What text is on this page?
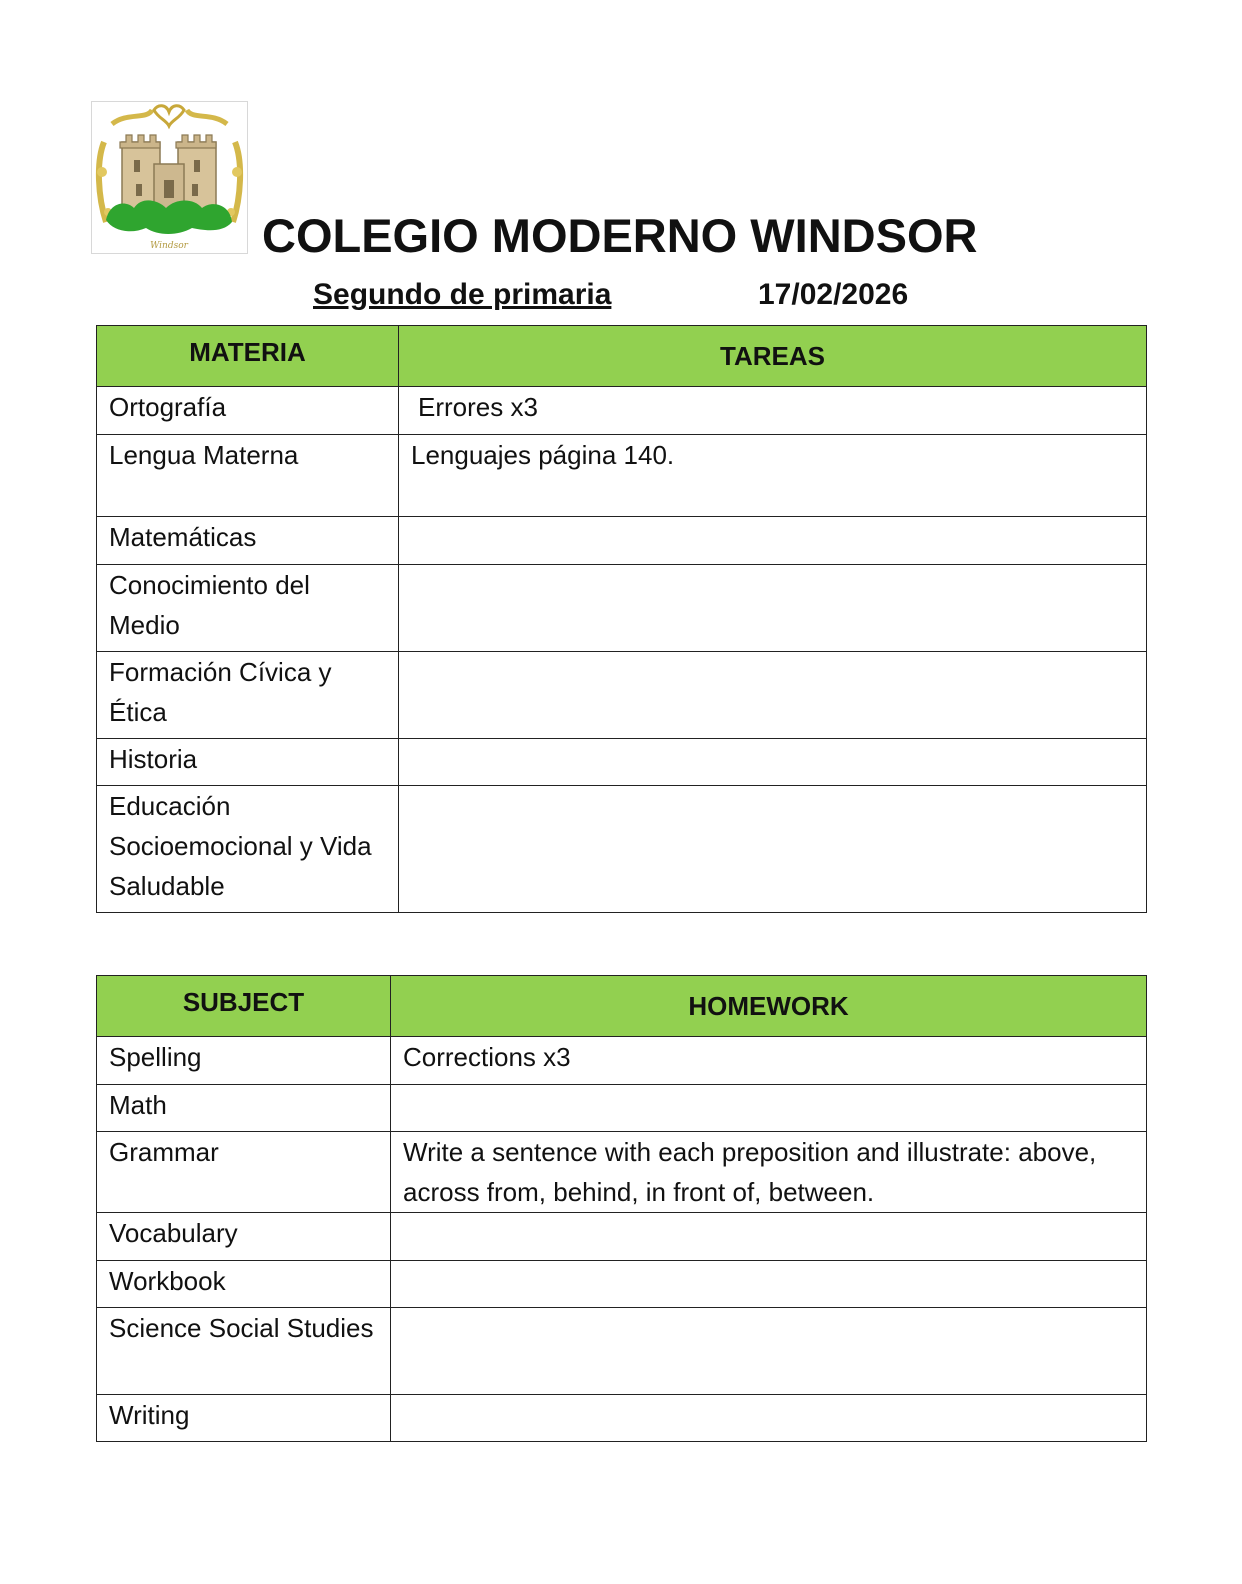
Windsor COLEGIO MODERNO WINDSOR
Segundo de primaria	17/02/2026
MATERIA	TAREAS
Ortografía	Errores x3
Lengua Materna	Lenguajes página 140.
Matemáticas	
Conocimiento del Medio	
Formación Cívica y Ética	
Historia	
Educación Socioemocional y Vida Saludable	
SUBJECT	HOMEWORK
Spelling	Corrections x3
Math	
Grammar	Write a sentence with each preposition and illustrate: above, across from, behind, in front of, between.
Vocabulary	
Workbook	
Science Social Studies	
Writing	
